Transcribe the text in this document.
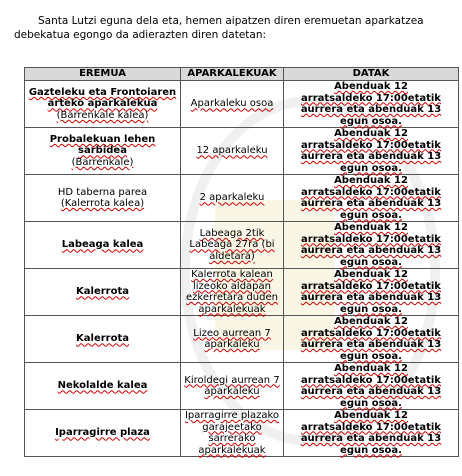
Santa Lutzi eguna dela eta, hemen aipatzen diren eremuetan aparkatzea debekatua egongo da adierazten diren datetan:
EREMUA	APARKALEKUAK	DATAK
Gazteleku eta Frontoiaren arteko aparkalekua
(Barrenkale kalea)	Aparkaleku osoa	Abenduak 12
arratsaldeko 17:00etatik
aurrera eta abenduak 13
egun osoa.
Probalekuan lehen sarbidea
(Barrenkale)	12 aparkaleku	Abenduak 12
arratsaldeko 17:00etatik
aurrera eta abenduak 13
egun osoa.
HD taberna parea
(Kalerrota kalea)	2 aparkaleku	Abenduak 12
arratsaldeko 17:00etatik
aurrera eta abenduak 13
egun osoa.
Labeaga kalea	Labeaga 2tik Labeaga 27ra (bi aldetara)	Abenduak 12
arratsaldeko 17:00etatik
aurrera eta abenduak 13
egun osoa.
Kalerrota	Kalerrota kalean lizeoko aldapan ezkerretara duden aparkalekuak	Abenduak 12
arratsaldeko 17:00etatik
aurrera eta abenduak 13
egun osoa.
Kalerrota	Lizeo aurrean 7 aparkaleku	Abenduak 12
arratsaldeko 17:00etatik
aurrera eta abenduak 13
egun osoa.
Nekolalde kalea	Kiroldegi aurrean 7 aparkaleku	Abenduak 12
arratsaldeko 17:00etatik
aurrera eta abenduak 13
egun osoa.
Iparragirre plaza	Iparragirre plazako garajeetako sarrerako aparkalekuak	Abenduak 12
arratsaldeko 17:00etatik
aurrera eta abenduak 13
egun osoa.
